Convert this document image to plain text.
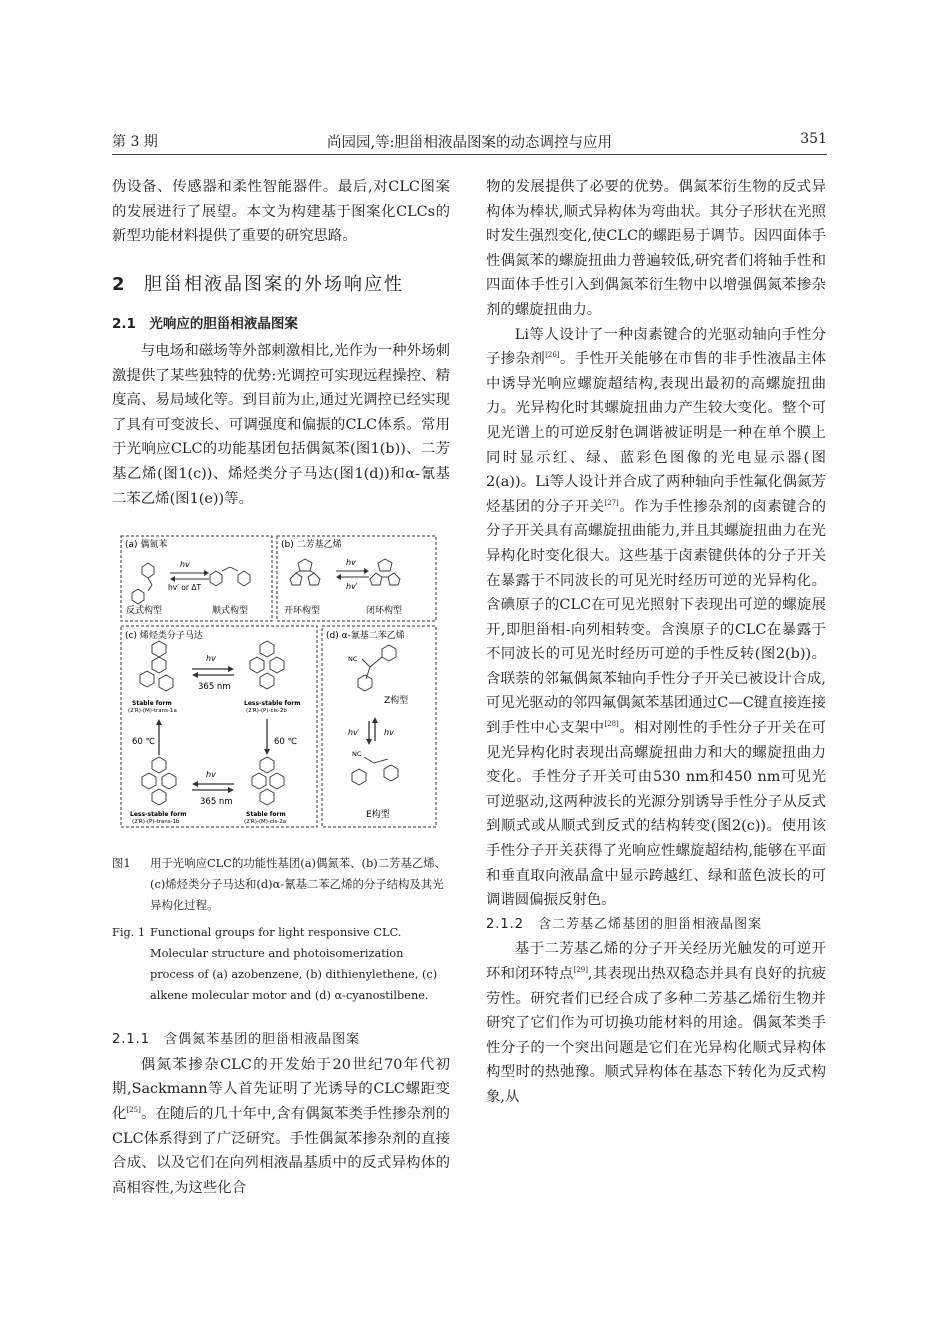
第 3 期	尚园园,等:胆甾相液晶图案的动态调控与应用	351

伪设备、传感器和柔性智能器件。最后,对CLC图案的发展进行了展望。本文为构建基于图案化CLCs的新型功能材料提供了重要的研究思路。

2 胆甾相液晶图案的外场响应性
2.1　光响应的胆甾相液晶图案

与电场和磁场等外部刺激相比,光作为一种外场刺激提供了某些独特的优势:光调控可实现远程操控、精度高、易局域化等。到目前为止,通过光调控已经实现了具有可变波长、可调强度和偏振的CLC体系。常用于光响应CLC的功能基团包括偶氮苯(图1(b))、二芳基乙烯(图1(c))、烯烃类分子马达(图1(d))和α-氰基二苯乙烯(图1(e))等。

(a) 偶氮苯	(b) 二芳基乙烯
(c) 烯烃类分子马达	(d) α-氰基二苯乙烯
hv
hv′ or ΔT
反式构型	顺式构型
hv
hv′
开环构型	闭环构型
hv
365 nm
Stable form
(2′R)-(M)-trans-1a
Less-stable form
(2′R)-(P)-cis-2b
60 ℃	60 ℃
hv
365 nm
Less-stable form
(2′R)-(P)-trans-1b
Stable form
(2′R)-(M)-cis-2a
NC
Z构型
hv′	hv
NC
E构型
图1 用于光响应CLC的功能性基团(a)偶氮苯、(b)二芳基乙烯、(c)烯烃类分子马达和(d)α-氰基二苯乙烯的分子结构及其光异构化过程。
Fig. 1 Functional groups for light responsive CLC. Molecular structure and photoisomerization process of (a) azobenzene, (b) dithienylethene, (c) alkene molecular motor and (d) α-cyanostilbene.
2.1.1　含偶氮苯基团的胆甾相液晶图案

偶氮苯掺杂CLC的开发始于20世纪70年代初期,Sackmann等人首先证明了光诱导的CLC螺距变化[25]。在随后的几十年中,含有偶氮苯类手性掺杂剂的CLC体系得到了广泛研究。手性偶氮苯掺杂剂的直接合成、以及它们在向列相液晶基质中的反式异构体的高相容性,为这些化合

物的发展提供了必要的优势。偶氮苯衍生物的反式异构体为棒状,顺式异构体为弯曲状。其分子形状在光照时发生强烈变化,使CLC的螺距易于调节。因四面体手性偶氮苯的螺旋扭曲力普遍较低,研究者们将轴手性和四面体手性引入到偶氮苯衍生物中以增强偶氮苯掺杂剂的螺旋扭曲力。

Li等人设计了一种卤素键合的光驱动轴向手性分子掺杂剂[26]。手性开关能够在市售的非手性液晶主体中诱导光响应螺旋超结构,表现出最初的高螺旋扭曲力。光异构化时其螺旋扭曲力产生较大变化。整个可见光谱上的可逆反射色调谐被证明是一种在单个膜上同时显示红、绿、蓝彩色图像的光电显示器(图2(a))。Li等人设计并合成了两种轴向手性氟化偶氮芳烃基团的分子开关[27]。作为手性掺杂剂的卤素键合的分子开关具有高螺旋扭曲能力,并且其螺旋扭曲力在光异构化时变化很大。这些基于卤素键供体的分子开关在暴露于不同波长的可见光时经历可逆的光异构化。含碘原子的CLC在可见光照射下表现出可逆的螺旋展开,即胆甾相-向列相转变。含溴原子的CLC在暴露于不同波长的可见光时经历可逆的手性反转(图2(b))。含联萘的邻氟偶氮苯轴向手性分子开关已被设计合成,可见光驱动的邻四氟偶氮苯基团通过C—C键直接连接到手性中心支架中[28]。相对刚性的手性分子开关在可见光异构化时表现出高螺旋扭曲力和大的螺旋扭曲力变化。手性分子开关可由530 nm和450 nm可见光可逆驱动,这两种波长的光源分别诱导手性分子从反式到顺式或从顺式到反式的结构转变(图2(c))。使用该手性分子开关获得了光响应性螺旋超结构,能够在平面和垂直取向液晶盒中显示跨越红、绿和蓝色波长的可调谐圆偏振反射色。

2.1.2　含二芳基乙烯基团的胆甾相液晶图案

基于二芳基乙烯的分子开关经历光触发的可逆开环和闭环特点[29],其表现出热双稳态并具有良好的抗疲劳性。研究者们已经合成了多种二芳基乙烯衍生物并研究了它们作为可切换功能材料的用途。偶氮苯类手性分子的一个突出问题是它们在光异构化顺式异构体构型时的热弛豫。顺式异构体在基态下转化为反式构象,从
